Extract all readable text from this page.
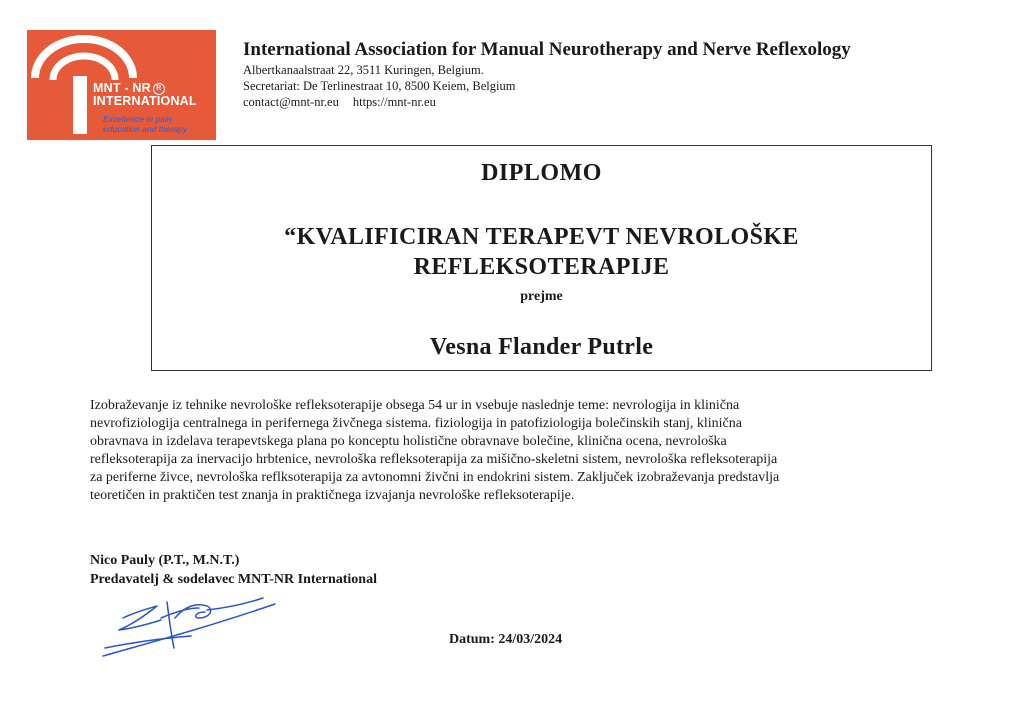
MNT - NR R
INTERNATIONAL
Excellence in pain
education and therapy
International Association for Manual Neurotherapy and Nerve Reflexology
Albertkanaalstraat 22, 3511 Kuringen, Belgium.
Secretariat: De Terlinestraat 10, 8500 Keiem, Belgium
contact@mnt-nr.eu https://mnt-nr.eu
DIPLOMO
“KVALIFICIRAN TERAPEVT NEVROLOŠKE
REFLEKSOTERAPIJE
prejme
Vesna Flander Putrle
Izobraževanje iz tehnike nevrološke refleksoterapije obsega 54 ur in vsebuje naslednje teme: nevrologija in klinična
nevrofiziologija centralnega in perifernega živčnega sistema. fiziologija in patofiziologija bolečinskih stanj, klinična
obravnava in izdelava terapevtskega plana po konceptu holistične obravnave bolečine, klinična ocena, nevrološka
refleksoterapija za inervacijo hrbtenice, nevrološka refleksoterapija za mišično-skeletni sistem, nevrološka refleksoterapija
za periferne živce, nevrološka reflksoterapija za avtonomni živčni in endokrini sistem. Zaključek izobraževanja predstavlja
teoretičen in praktičen test znanja in praktičnega izvajanja nevrološke refleksoterapije.
Nico Pauly (P.T., M.N.T.)
Predavatelj & sodelavec MNT-NR International
Datum: 24/03/2024
